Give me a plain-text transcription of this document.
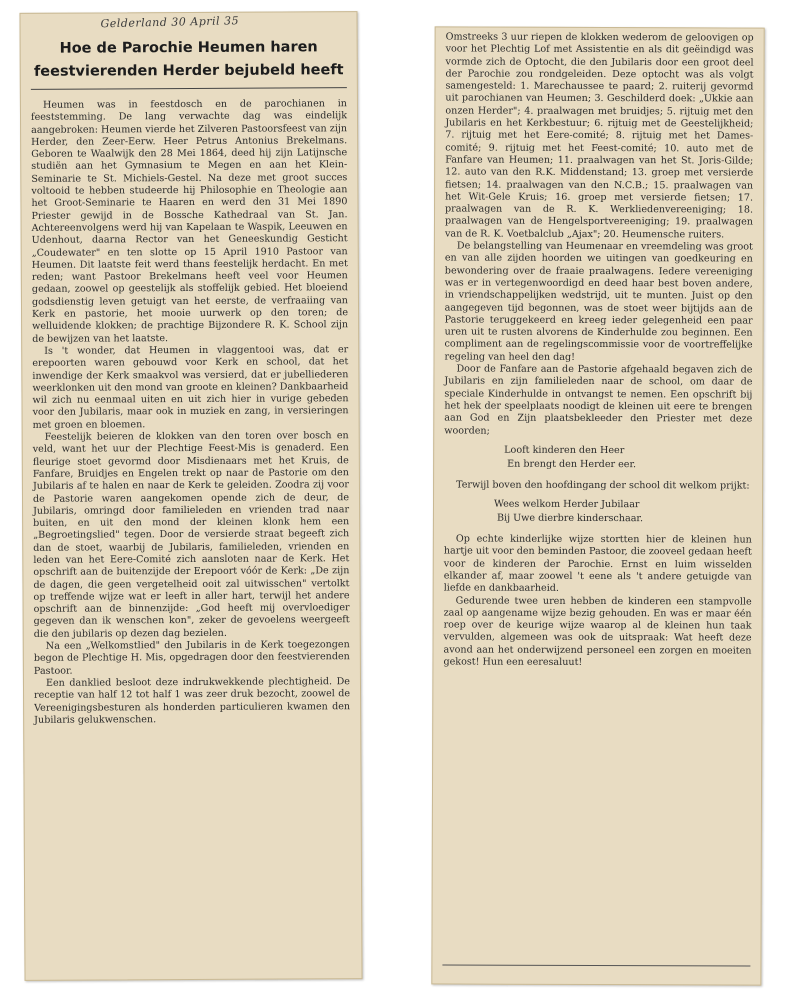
Gelderland 30 April 35
Hoe de Parochie Heumen haren feestvierenden Herder bejubeld heeft

Heumen was in feestdosch en de parochianen in feeststemming. De lang verwachte dag was eindelijk aangebroken: Heumen vierde het Zilveren Pastoorsfeest van zijn Herder, den Zeer-Eerw. Heer Petrus Antonius Brekelmans. Geboren te Waalwijk den 28 Mei 1864, deed hij zijn Latijnsche studiën aan het Gymnasium te Megen en aan het Klein-Seminarie te St. Michiels-Gestel. Na deze met groot succes voltooid te hebben studeerde hij Philosophie en Theologie aan het Groot-Seminarie te Haaren en werd den 31 Mei 1890 Priester gewijd in de Bossche Kathedraal van St. Jan. Achtereenvolgens werd hij van Kapelaan te Waspik, Leeuwen en Udenhout, daarna Rector van het Geneeskundig Gesticht „Coudewater" en ten slotte op 15 April 1910 Pastoor van Heumen. Dit laatste feit werd thans feestelijk herdacht. En met reden; want Pastoor Brekelmans heeft veel voor Heumen gedaan, zoowel op geestelijk als stoffelijk gebied. Het bloeiend godsdienstig leven getuigt van het eerste, de verfraaiing van Kerk en pastorie, het mooie uurwerk op den toren; de welluidende klokken; de prachtige Bijzondere R. K. School zijn de bewijzen van het laatste.

Is 't wonder, dat Heumen in vlaggentooi was, dat er erepoorten waren gebouwd voor Kerk en school, dat het inwendige der Kerk smaakvol was versierd, dat er jubelliederen weerklonken uit den mond van groote en kleinen? Dankbaarheid wil zich nu eenmaal uiten en uit zich hier in vurige gebeden voor den Jubilaris, maar ook in muziek en zang, in versieringen met groen en bloemen.

Feestelijk beieren de klokken van den toren over bosch en veld, want het uur der Plechtige Feest-Mis is genaderd. Een fleurige stoet gevormd door Misdienaars met het Kruis, de Fanfare, Bruidjes en Engelen trekt op naar de Pastorie om den Jubilaris af te halen en naar de Kerk te geleiden. Zoodra zij voor de Pastorie waren aangekomen opende zich de deur, de Jubilaris, omringd door familieleden en vrienden trad naar buiten, en uit den mond der kleinen klonk hem een „Begroetingslied" tegen. Door de versierde straat begeeft zich dan de stoet, waarbij de Jubilaris, familieleden, vrienden en leden van het Eere-Comité zich aansloten naar de Kerk. Het opschrift aan de buitenzijde der Erepoort vóór de Kerk: „De zijn de dagen, die geen vergetelheid ooit zal uitwisschen" vertolkt op treffende wijze wat er leeft in aller hart, terwijl het andere opschrift aan de binnenzijde: „God heeft mij overvloediger gegeven dan ik wenschen kon", zeker de gevoelens weergeeft die den jubilaris op dezen dag bezielen.

Na een „Welkomstlied" den Jubilaris in de Kerk toegezongen begon de Plechtige H. Mis, opgedragen door den feestvierenden Pastoor.

Een danklied besloot deze indrukwekkende plechtigheid. De receptie van half 12 tot half 1 was zeer druk bezocht, zoowel de Vereenigingsbesturen als honderden particulieren kwamen den Jubilaris gelukwenschen.

Omstreeks 3 uur riepen de klokken wederom de geloovigen op voor het Plechtig Lof met Assistentie en als dit geëindigd was vormde zich de Optocht, die den Jubilaris door een groot deel der Parochie zou rondgeleiden. Deze optocht was als volgt samengesteld: 1. Marechaussee te paard; 2. ruiterij gevormd uit parochianen van Heumen; 3. Geschilderd doek: „Ukkie aan onzen Herder"; 4. praalwagen met bruidjes; 5. rijtuig met den Jubilaris en het Kerkbestuur; 6. rijtuig met de Geestelijkheid; 7. rijtuig met het Eere-comité; 8. rijtuig met het Dames-comité; 9. rijtuig met het Feest-comité; 10. auto met de Fanfare van Heumen; 11. praalwagen van het St. Joris-Gilde; 12. auto van den R.K. Middenstand; 13. groep met versierde fietsen; 14. praalwagen van den N.C.B.; 15. praalwagen van het Wit-Gele Kruis; 16. groep met versierde fietsen; 17. praalwagen van de R. K. Werkliedenvereeniging; 18. praalwagen van de Hengelsportvereeniging; 19. praalwagen van de R. K. Voetbalclub „Ajax"; 20. Heumensche ruiters.

De belangstelling van Heumenaar en vreemdeling was groot en van alle zijden hoorden we uitingen van goedkeuring en bewondering over de fraaie praalwagens. Iedere vereeniging was er in vertegenwoordigd en deed haar best boven andere, in vriendschappelijken wedstrijd, uit te munten. Juist op den aangegeven tijd begonnen, was de stoet weer bijtijds aan de Pastorie teruggekeerd en kreeg ieder gelegenheid een paar uren uit te rusten alvorens de Kinderhulde zou beginnen. Een compliment aan de regelingscommissie voor de voortreffelijke regeling van heel den dag!

Door de Fanfare aan de Pastorie afgehaald begaven zich de Jubilaris en zijn familieleden naar de school, om daar de speciale Kinderhulde in ontvangst te nemen. Een opschrift bij het hek der speelplaats noodigt de kleinen uit eere te brengen aan God en Zijn plaatsbekleeder den Priester met deze woorden;

Looft kinderen den Heer
En brengt den Herder eer.

Terwijl boven den hoofdingang der school dit welkom prijkt:

Wees welkom Herder Jubilaar
Bij Uwe dierbre kinderschaar.

Op echte kinderlijke wijze stortten hier de kleinen hun hartje uit voor den beminden Pastoor, die zooveel gedaan heeft voor de kinderen der Parochie. Ernst en luim wisselden elkander af, maar zoowel 't eene als 't andere getuigde van liefde en dankbaarheid.

Gedurende twee uren hebben de kinderen een stampvolle zaal op aangename wijze bezig gehouden. En was er maar één roep over de keurige wijze waarop al de kleinen hun taak vervulden, algemeen was ook de uitspraak: Wat heeft deze avond aan het onderwijzend personeel een zorgen en moeiten gekost! Hun een eeresaluut!
